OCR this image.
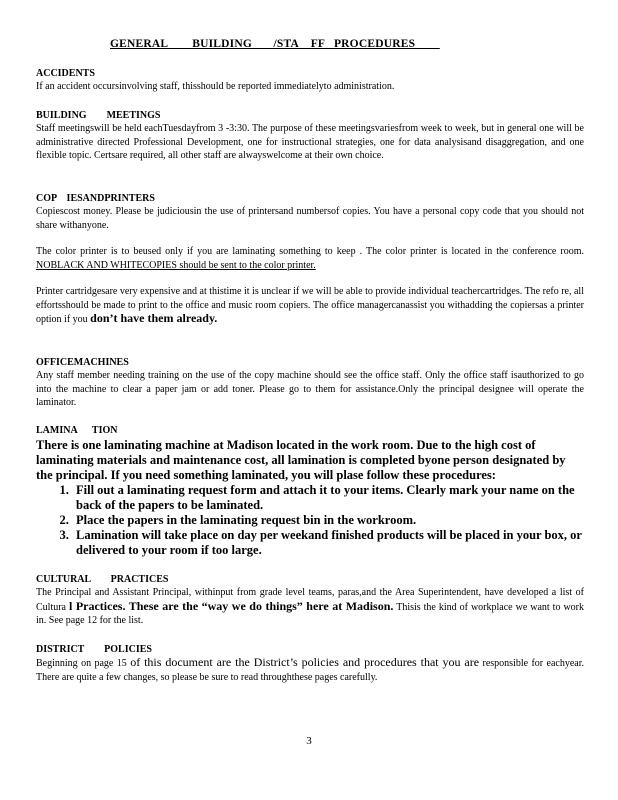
GENERAL        BUILDING       /STA    FF   PROCEDURES
ACCIDENTS
If an accident occursinvolving staff, thisshould be reported immediatelyto administration.
BUILDING        MEETINGS
Staff meetingswill be held eachTuesdayfrom 3 -3:30. The purpose of these meetingsvariesfrom week to week, but in general one will be administrative directed Professional Development, one for instructional strategies, one for data analysisand disaggregation, and one flexible topic. Certsare required, all other staff are alwayswelcome at their own choice.
COP    IESANDPRINTERS
Copiescost money. Please be judiciousin the use of printersand numbersof copies. You have a personal copy code that you should not share withanyone.
The color printer is to beused only if you are laminating something to keep . The color printer is located in the conference room. NOBLACK AND WHITECOPIES should be sent to the color printer.
Printer cartridgesare very expensive and at thistime it is unclear if we will be able to provide individual teachercartridges. The refo re, all effortsshould be made to print to the office and music room copiers. The office managercanassist you withadding the copiersas a printer option if you don’t have them already.
OFFICEMACHINES
Any staff member needing training on the use of the copy machine should see the office staff. Only the office staff isauthorized to go into the machine to clear a paper jam or add toner. Please go to them for assistance.Only the principal designee will operate the laminator.
LAMINA      TION
There is one laminating machine at Madison located in the work room. Due to the high cost of laminating materials and maintenance cost, all lamination is completed byone person designated by the principal. If you need something laminated, you will plase follow these procedures:
1. Fill out a laminating request form and attach it to your items. Clearly mark your name on the back of the papers to be laminated.
2. Place the papers in the laminating request bin in the workroom.
3. Lamination will take place on day per weekand finished products will be placed in your box, or delivered to your room if too large.
CULTURAL        PRACTICES
The Principal and Assistant Principal, withinput from grade level teams, paras,and the Area Superintendent, have developed a list of Cultura l Practices. These are the “way we do things” here at Madison. Thisis the kind of workplace we want to work in. See page 12 for the list.
DISTRICT        POLICIES
Beginning on page 15 of this document are the District’s policies and procedures that you are responsible for eachyear. There are quite a few changes, so please be sure to read throughthese pages carefully.
3
